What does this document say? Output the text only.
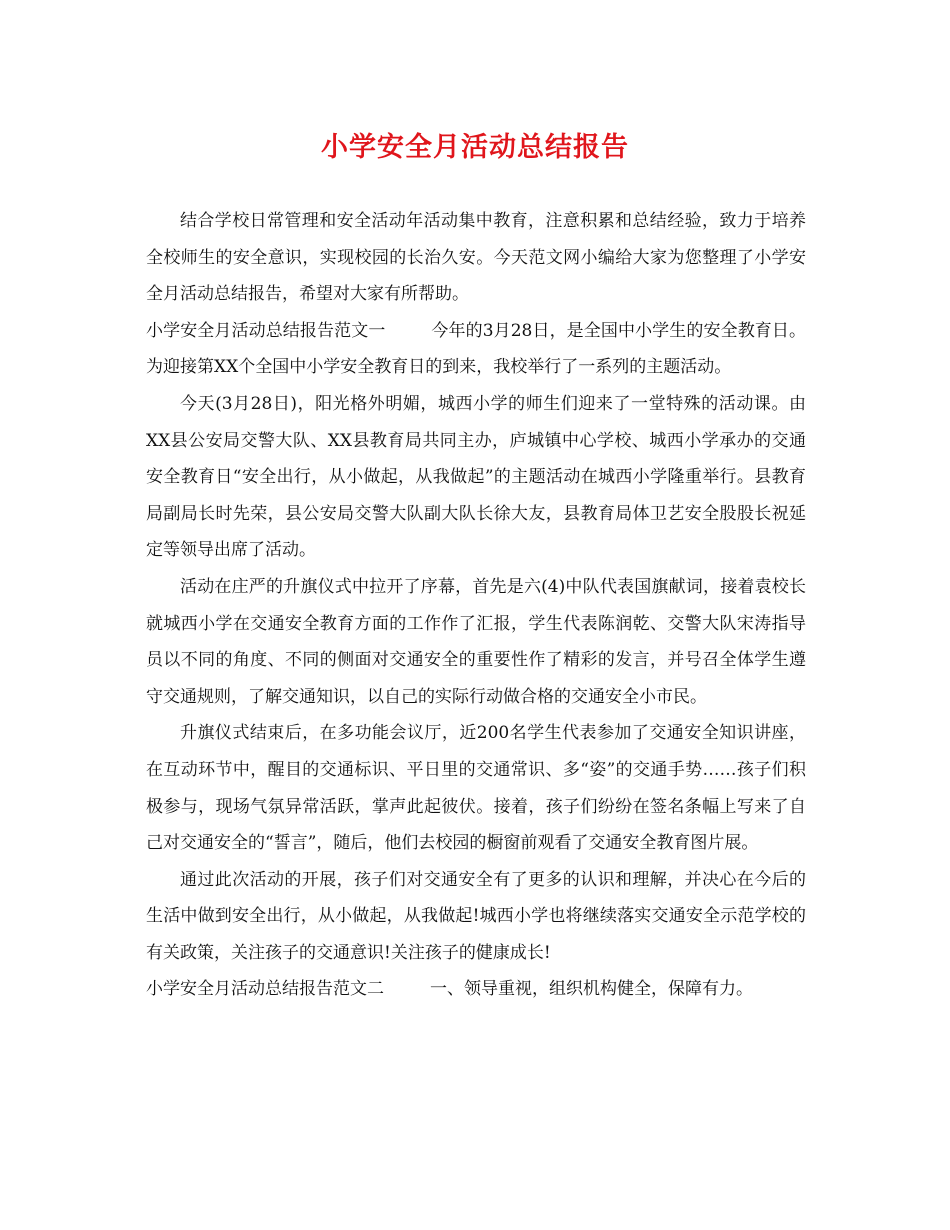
小学安全月活动总结报告

结合学校日常管理和安全活动年活动集中教育，注意积累和总结经验，致力于培养全校师生的安全意识，实现校园的长治久安。今天范文网小编给大家为您整理了小学安全月活动总结报告，希望对大家有所帮助。

小学安全月活动总结报告范文一	今年的3月28日，是全国中小学生的安全教育日。为迎接第XX个全国中小学安全教育日的到来，我校举行了一系列的主题活动。

今天(3月28日)，阳光格外明媚，城西小学的师生们迎来了一堂特殊的活动课。由XX县公安局交警大队、XX县教育局共同主办，庐城镇中心学校、城西小学承办的交通安全教育日“安全出行，从小做起，从我做起”的主题活动在城西小学隆重举行。县教育局副局长时先荣，县公安局交警大队副大队长徐大友，县教育局体卫艺安全股股长祝延定等领导出席了活动。

活动在庄严的升旗仪式中拉开了序幕，首先是六(4)中队代表国旗献词，接着袁校长就城西小学在交通安全教育方面的工作作了汇报，学生代表陈润乾、交警大队宋涛指导员以不同的角度、不同的侧面对交通安全的重要性作了精彩的发言，并号召全体学生遵守交通规则，了解交通知识，以自己的实际行动做合格的交通安全小市民。

升旗仪式结束后，在多功能会议厅，近200名学生代表参加了交通安全知识讲座，在互动环节中，醒目的交通标识、平日里的交通常识、多“姿”的交通手势……孩子们积极参与，现场气氛异常活跃，掌声此起彼伏。接着，孩子们纷纷在签名条幅上写来了自己对交通安全的“誓言”，随后，他们去校园的橱窗前观看了交通安全教育图片展。

通过此次活动的开展，孩子们对交通安全有了更多的认识和理解，并决心在今后的生活中做到安全出行，从小做起，从我做起!城西小学也将继续落实交通安全示范学校的有关政策，关注孩子的交通意识!关注孩子的健康成长!

小学安全月活动总结报告范文二	一、领导重视，组织机构健全，保障有力。
